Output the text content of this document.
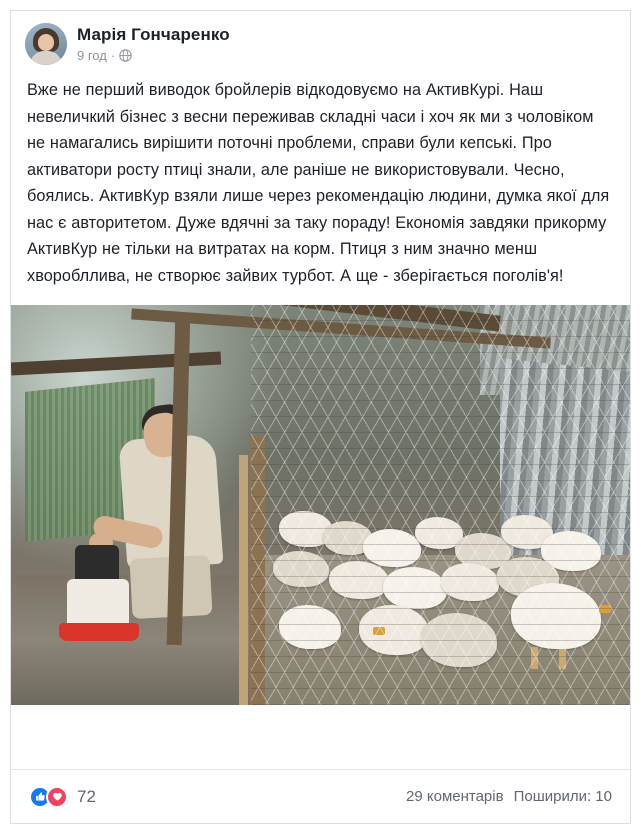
Марія Гончаренко
9 год ·
Вже не перший виводок бройлерів відкодовуємо на АктивКурі. Наш невеличкий бізнес з весни переживав складні часи і хоч як ми з чоловіком не намагались вирішити поточні проблеми, справи були кепські. Про активатори росту птиці знали, але раніше не використовували. Чесно, боялись. АктивКур взяли лише через рекомендацію людини, думка якої для нас є авторитетом. Дуже вдячні за таку пораду! Економія завдяки прикорму АктивКур не тільки на витратах на корм. Птиця з ним значно менш хворобллива, не створює зайвих турбот. А ще - зберігається поголів'я!
72	29 коментарів Поширили: 10
